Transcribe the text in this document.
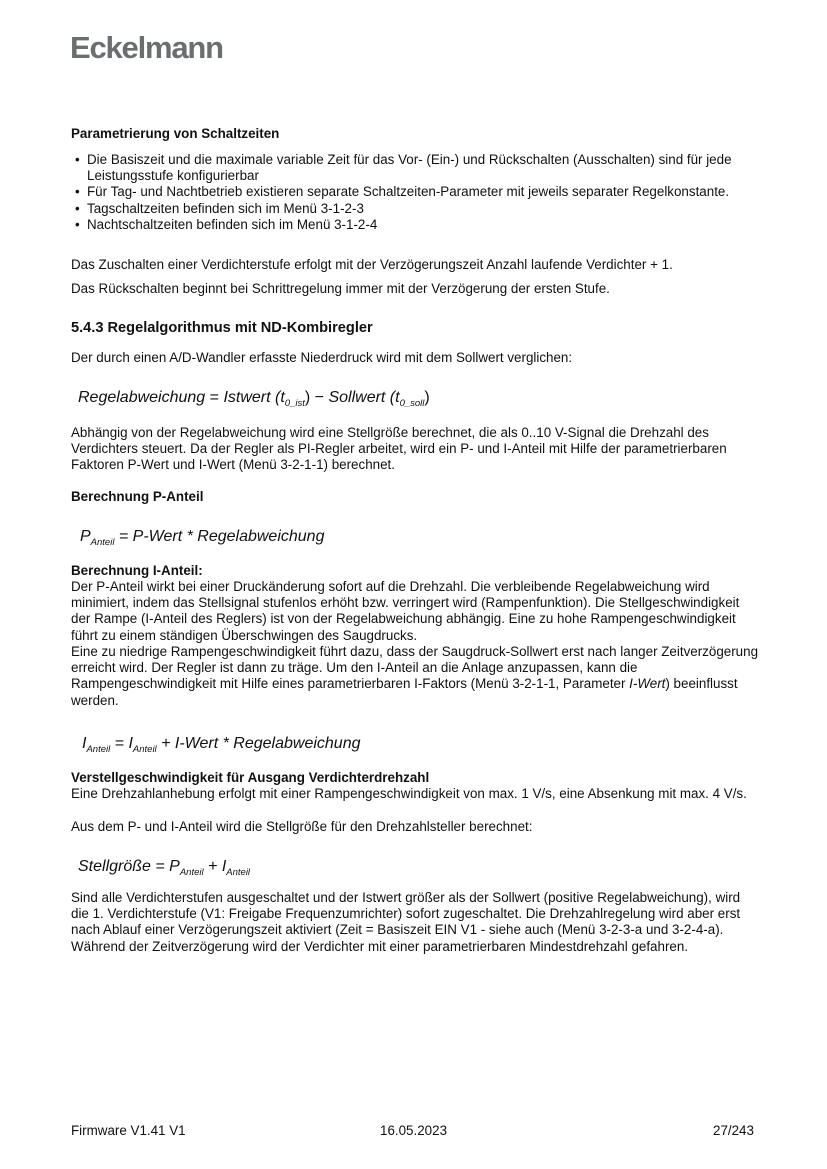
Eckelmann
Parametrierung von Schaltzeiten
• Die Basiszeit und die maximale variable Zeit für das Vor- (Ein-) und Rückschalten (Ausschalten) sind für jede Leistungsstufe konfigurierbar
• Für Tag- und Nachtbetrieb existieren separate Schaltzeiten-Parameter mit jeweils separater Regelkonstante.
• Tagschaltzeiten befinden sich im Menü 3-1-2-3
• Nachtschaltzeiten befinden sich im Menü 3-1-2-4

Das Zuschalten einer Verdichterstufe erfolgt mit der Verzögerungszeit Anzahl laufende Verdichter + 1.

Das Rückschalten beginnt bei Schrittregelung immer mit der Verzögerung der ersten Stufe.

5.4.3 Regelalgorithmus mit ND-Kombiregler

Der durch einen A/D-Wandler erfasste Niederdruck wird mit dem Sollwert verglichen:

Regelabweichung = Istwert $(t_{0\_ist})$ − Sollwert $(t_{0\_soll})$

Abhängig von der Regelabweichung wird eine Stellgröße berechnet, die als 0..10 V-Signal die Drehzahl des Verdichters steuert. Da der Regler als PI-Regler arbeitet, wird ein P- und I-Anteil mit Hilfe der parametrierbaren Faktoren P-Wert und I-Wert (Menü 3-2-1-1) berechnet.

Berechnung P-Anteil
$P_{Anteil}$ = P-Wert * Regelabweichung
Berechnung I-Anteil:

Der P-Anteil wirkt bei einer Druckänderung sofort auf die Drehzahl. Die verbleibende Regelabweichung wird minimiert, indem das Stellsignal stufenlos erhöht bzw. verringert wird (Rampenfunktion). Die Stellgeschwindigkeit der Rampe (I-Anteil des Reglers) ist von der Regelabweichung abhängig. Eine zu hohe Rampengeschwindigkeit führt zu einem ständigen Überschwingen des Saugdrucks.

Eine zu niedrige Rampengeschwindigkeit führt dazu, dass der Saugdruck-Sollwert erst nach langer Zeitverzögerung erreicht wird. Der Regler ist dann zu träge. Um den I-Anteil an die Anlage anzupassen, kann die Rampengeschwindigkeit mit Hilfe eines parametrierbaren I-Faktors (Menü 3-2-1-1, Parameter I-Wert) beeinflusst werden.

$I_{Anteil} = I_{Anteil}$ + I-Wert * Regelabweichung
Verstellgeschwindigkeit für Ausgang Verdichterdrehzahl

Eine Drehzahlanhebung erfolgt mit einer Rampengeschwindigkeit von max. 1 V/s, eine Absenkung mit max. 4 V/s.

Aus dem P- und I-Anteil wird die Stellgröße für den Drehzahlsteller berechnet:

Stellgröße = $P_{Anteil} + I_{Anteil}$

Sind alle Verdichterstufen ausgeschaltet und der Istwert größer als der Sollwert (positive Regelabweichung), wird die 1. Verdichterstufe (V1: Freigabe Frequenzumrichter) sofort zugeschaltet. Die Drehzahlregelung wird aber erst nach Ablauf einer Verzögerungszeit aktiviert (Zeit = Basiszeit EIN V1 - siehe auch (Menü 3-2-3-a und 3-2-4-a). Während der Zeitverzögerung wird der Verdichter mit einer parametrierbaren Mindestdrehzahl gefahren.

Firmware V1.41 V1	16.05.2023	27/243
